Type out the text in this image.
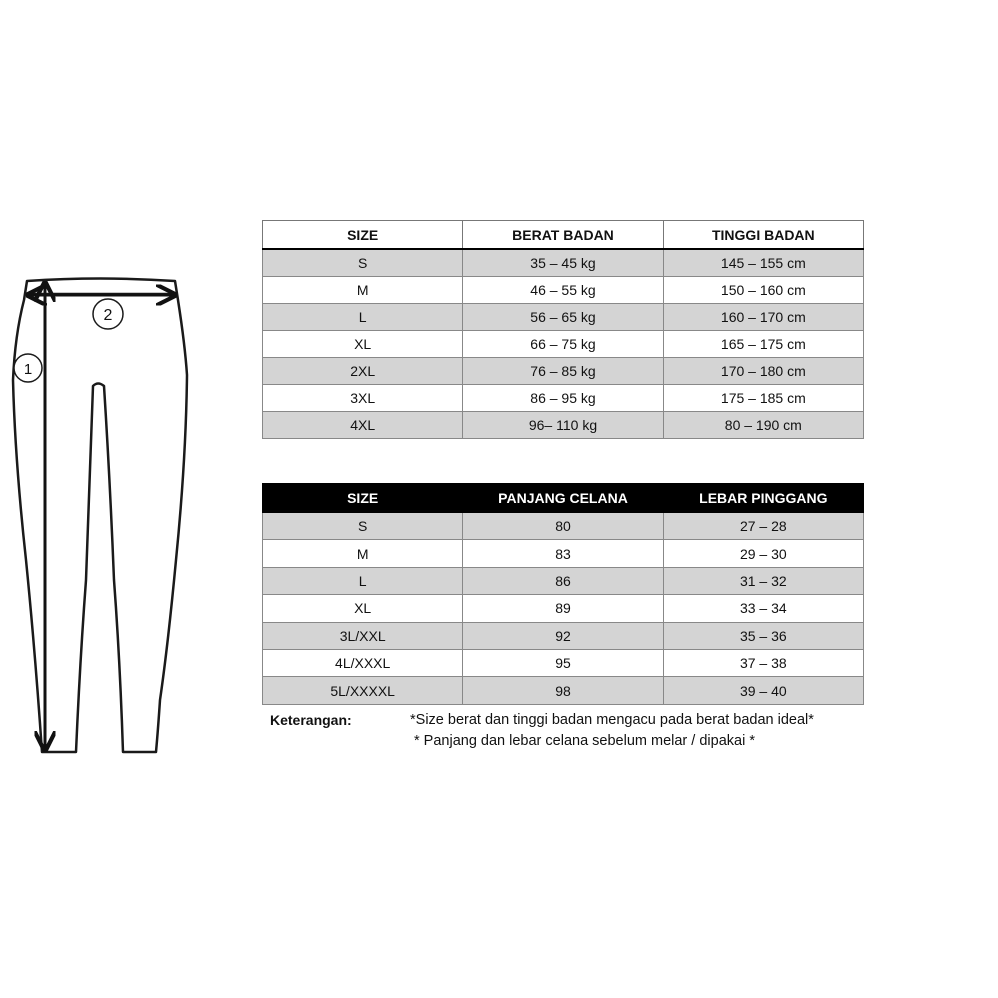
1
2
SIZE	BERAT BADAN	TINGGI BADAN
S	35 – 45 kg	145 – 155 cm
M	46 – 55 kg	150 – 160 cm
L	56 – 65 kg	160 – 170 cm
XL	66 – 75 kg	165 – 175 cm
2XL	76 – 85 kg	170 – 180 cm
3XL	86 – 95 kg	175 – 185 cm
4XL	96– 110 kg	80 – 190 cm
SIZE	PANJANG CELANA	LEBAR PINGGANG
S	80	27 – 28
M	83	29 – 30
L	86	31 – 32
XL	89	33 – 34
3L/XXL	92	35 – 36
4L/XXXL	95	37 – 38
5L/XXXXL	98	39 – 40
Keterangan:	*Size berat dan tinggi badan mengacu pada berat badan ideal*
* Panjang dan lebar celana sebelum melar / dipakai *
